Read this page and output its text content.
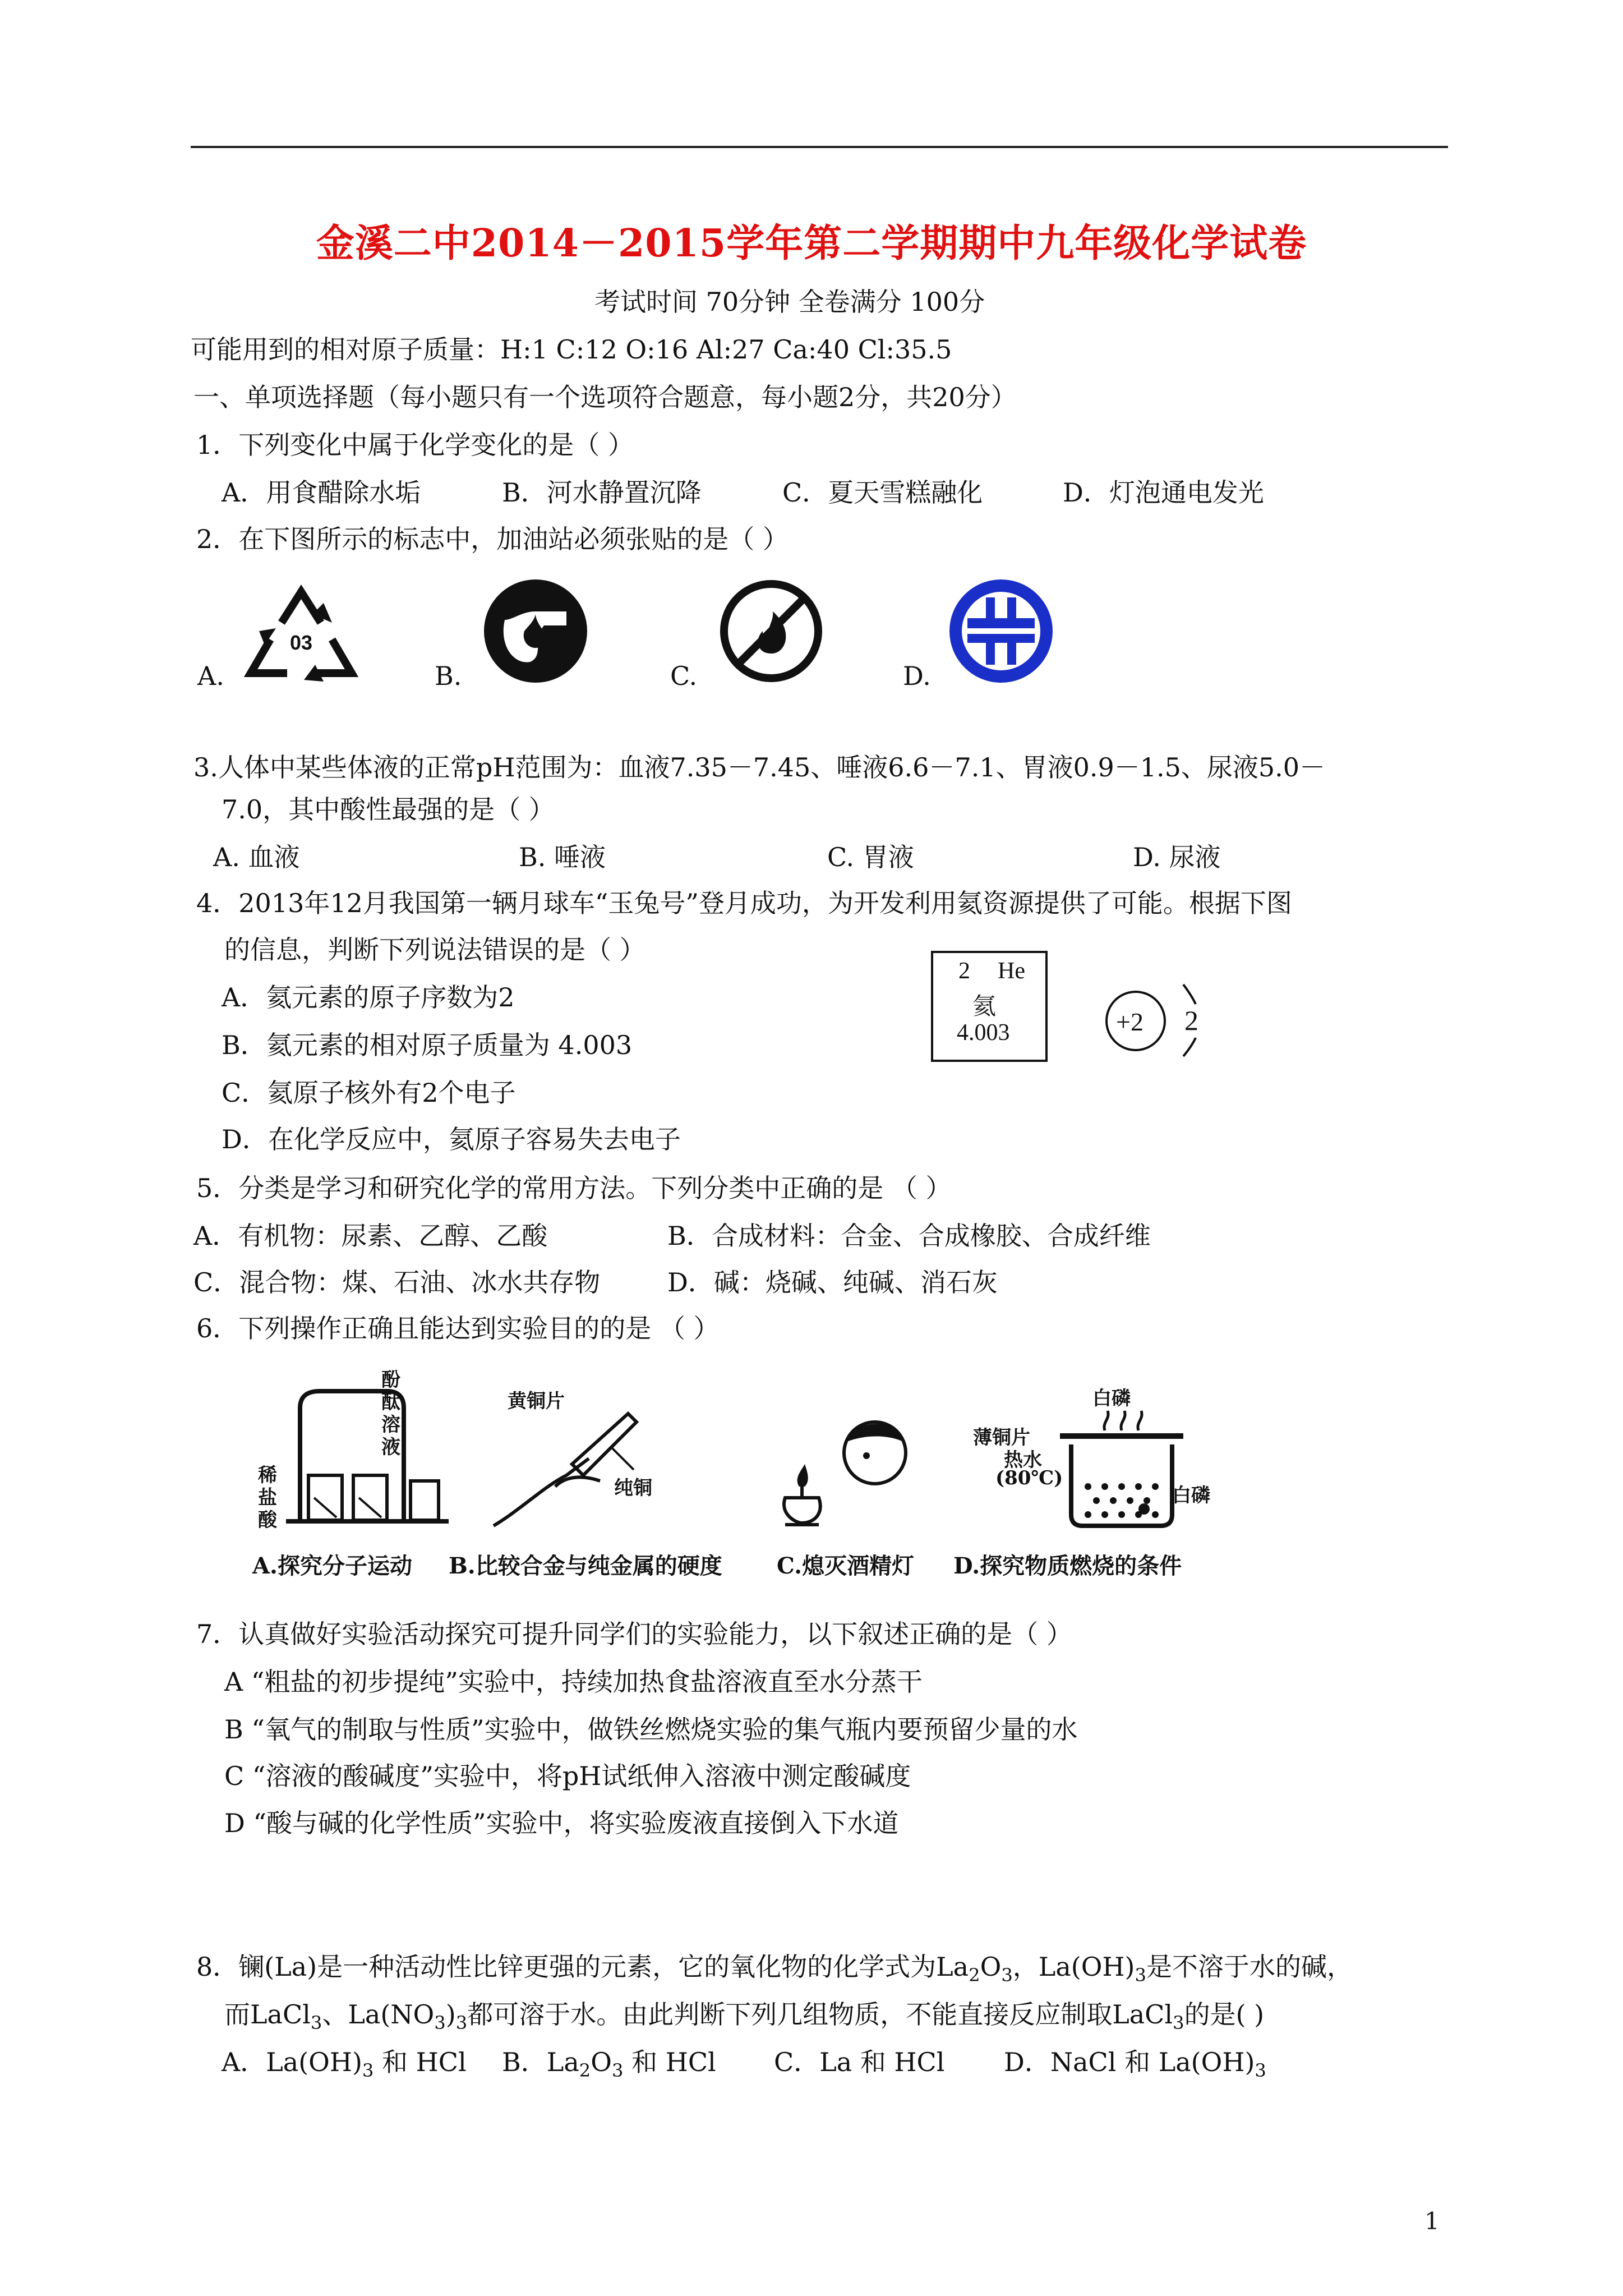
金溪二中2014－2015学年第二学期期中九年级化学试卷
考试时间 70分钟 全卷满分 100分
可能用到的相对原子质量：H:1 C:12 O:16 Al:27 Ca:40 Cl:35.5
一、单项选择题（每小题只有一个选项符合题意，每小题2分，共20分）
1．下列变化中属于化学变化的是（ ）
A．用食醋除水垢	B．河水静置沉降	C．夏天雪糕融化	D．灯泡通电发光
2．在下图所示的标志中，加油站必须张贴的是（ ）
A.	B.	C.	D.
03
3.人体中某些体液的正常pH范围为：血液7.35－7.45、唾液6.6－7.1、胃液0.9－1.5、尿液5.0－
7.0，其中酸性最强的是（ ）
A. 血液	B. 唾液	C. 胃液	D. 尿液
4．2013年12月我国第一辆月球车“玉兔号”登月成功，为开发利用氦资源提供了可能。根据下图
的信息，判断下列说法错误的是（ ）
A．氦元素的原子序数为2
B．氦元素的相对原子质量为 4.003
C．氦原子核外有2个电子
D．在化学反应中，氦原子容易失去电子
2 He
氦
4.003	+2 2
5．分类是学习和研究化学的常用方法。下列分类中正确的是 （ ）
A．有机物：尿素、乙醇、乙酸	B．合成材料：合金、合成橡胶、合成纤维
C．混合物：煤、石油、冰水共存物	D．碱：烧碱、纯碱、消石灰
6．下列操作正确且能达到实验目的的是 （ ）
酚酞溶液
稀盐酸
黄铜片
纯铜
白磷
薄铜片
热水
(80℃)
白磷
A.探究分子运动 B.比较合金与纯金属的硬度 C.熄灭酒精灯 D.探究物质燃烧的条件
7．认真做好实验活动探究可提升同学们的实验能力，以下叙述正确的是（ ）
A “粗盐的初步提纯”实验中，持续加热食盐溶液直至水分蒸干
B “氧气的制取与性质”实验中，做铁丝燃烧实验的集气瓶内要预留少量的水
C “溶液的酸碱度”实验中，将pH试纸伸入溶液中测定酸碱度
D “酸与碱的化学性质”实验中，将实验废液直接倒入下水道
8．镧(La)是一种活动性比锌更强的元素，它的氧化物的化学式为$La_2O_3$，$La(OH)_3$是不溶于水的碱，
而LaCl$_3$、$La(NO_3)_3$都可溶于水。由此判断下列几组物质，不能直接反应制取LaCl$_3$的是( )
A．$La(OH)_3$ 和 HCl B．$La_2O_3$ 和 HCl C．La 和 HCl D．NaCl 和 $La(OH)_3$
1
